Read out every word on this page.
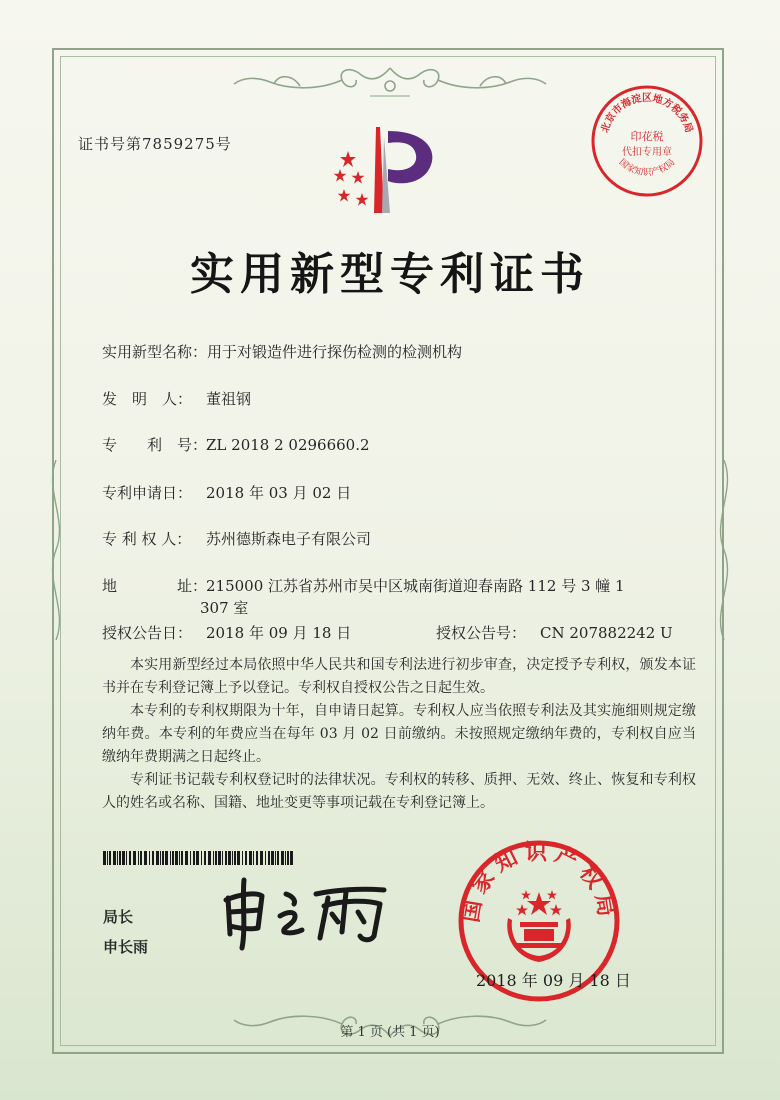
证书号第7859275号
实用新型专利证书
北京市海淀区地方税务局
印花税
代扣专用章
国家知识产权局
实用新型名称：用于对锻造件进行探伤检测的检测机构
发　明　人： 董祖钢
专　　利　号：ZL 2018 2 0296660.2
专利申请日： 2018 年 03 月 02 日
专 利 权 人： 苏州德斯森电子有限公司
地　　　　址：215000 江苏省苏州市吴中区城南街道迎春南路 112 号 3 幢 1
307 室
授权公告日： 2018 年 09 月 18 日	授权公告号： CN 207882242 U
本实用新型经过本局依照中华人民共和国专利法进行初步审查，决定授予专利权，颁发本证书并在专利登记簿上予以登记。专利权自授权公告之日起生效。
本专利的专利权期限为十年，自申请日起算。专利权人应当依照专利法及其实施细则规定缴纳年费。本专利的年费应当在每年 03 月 02 日前缴纳。未按照规定缴纳年费的，专利权自应当缴纳年费期满之日起终止。
专利证书记载专利权登记时的法律状况。专利权的转移、质押、无效、终止、恢复和专利权人的姓名或名称、国籍、地址变更等事项记载在专利登记簿上。
局长
申长雨
国家知识产权局
2018 年 09 月 18 日
第 1 页 (共 1 页)
